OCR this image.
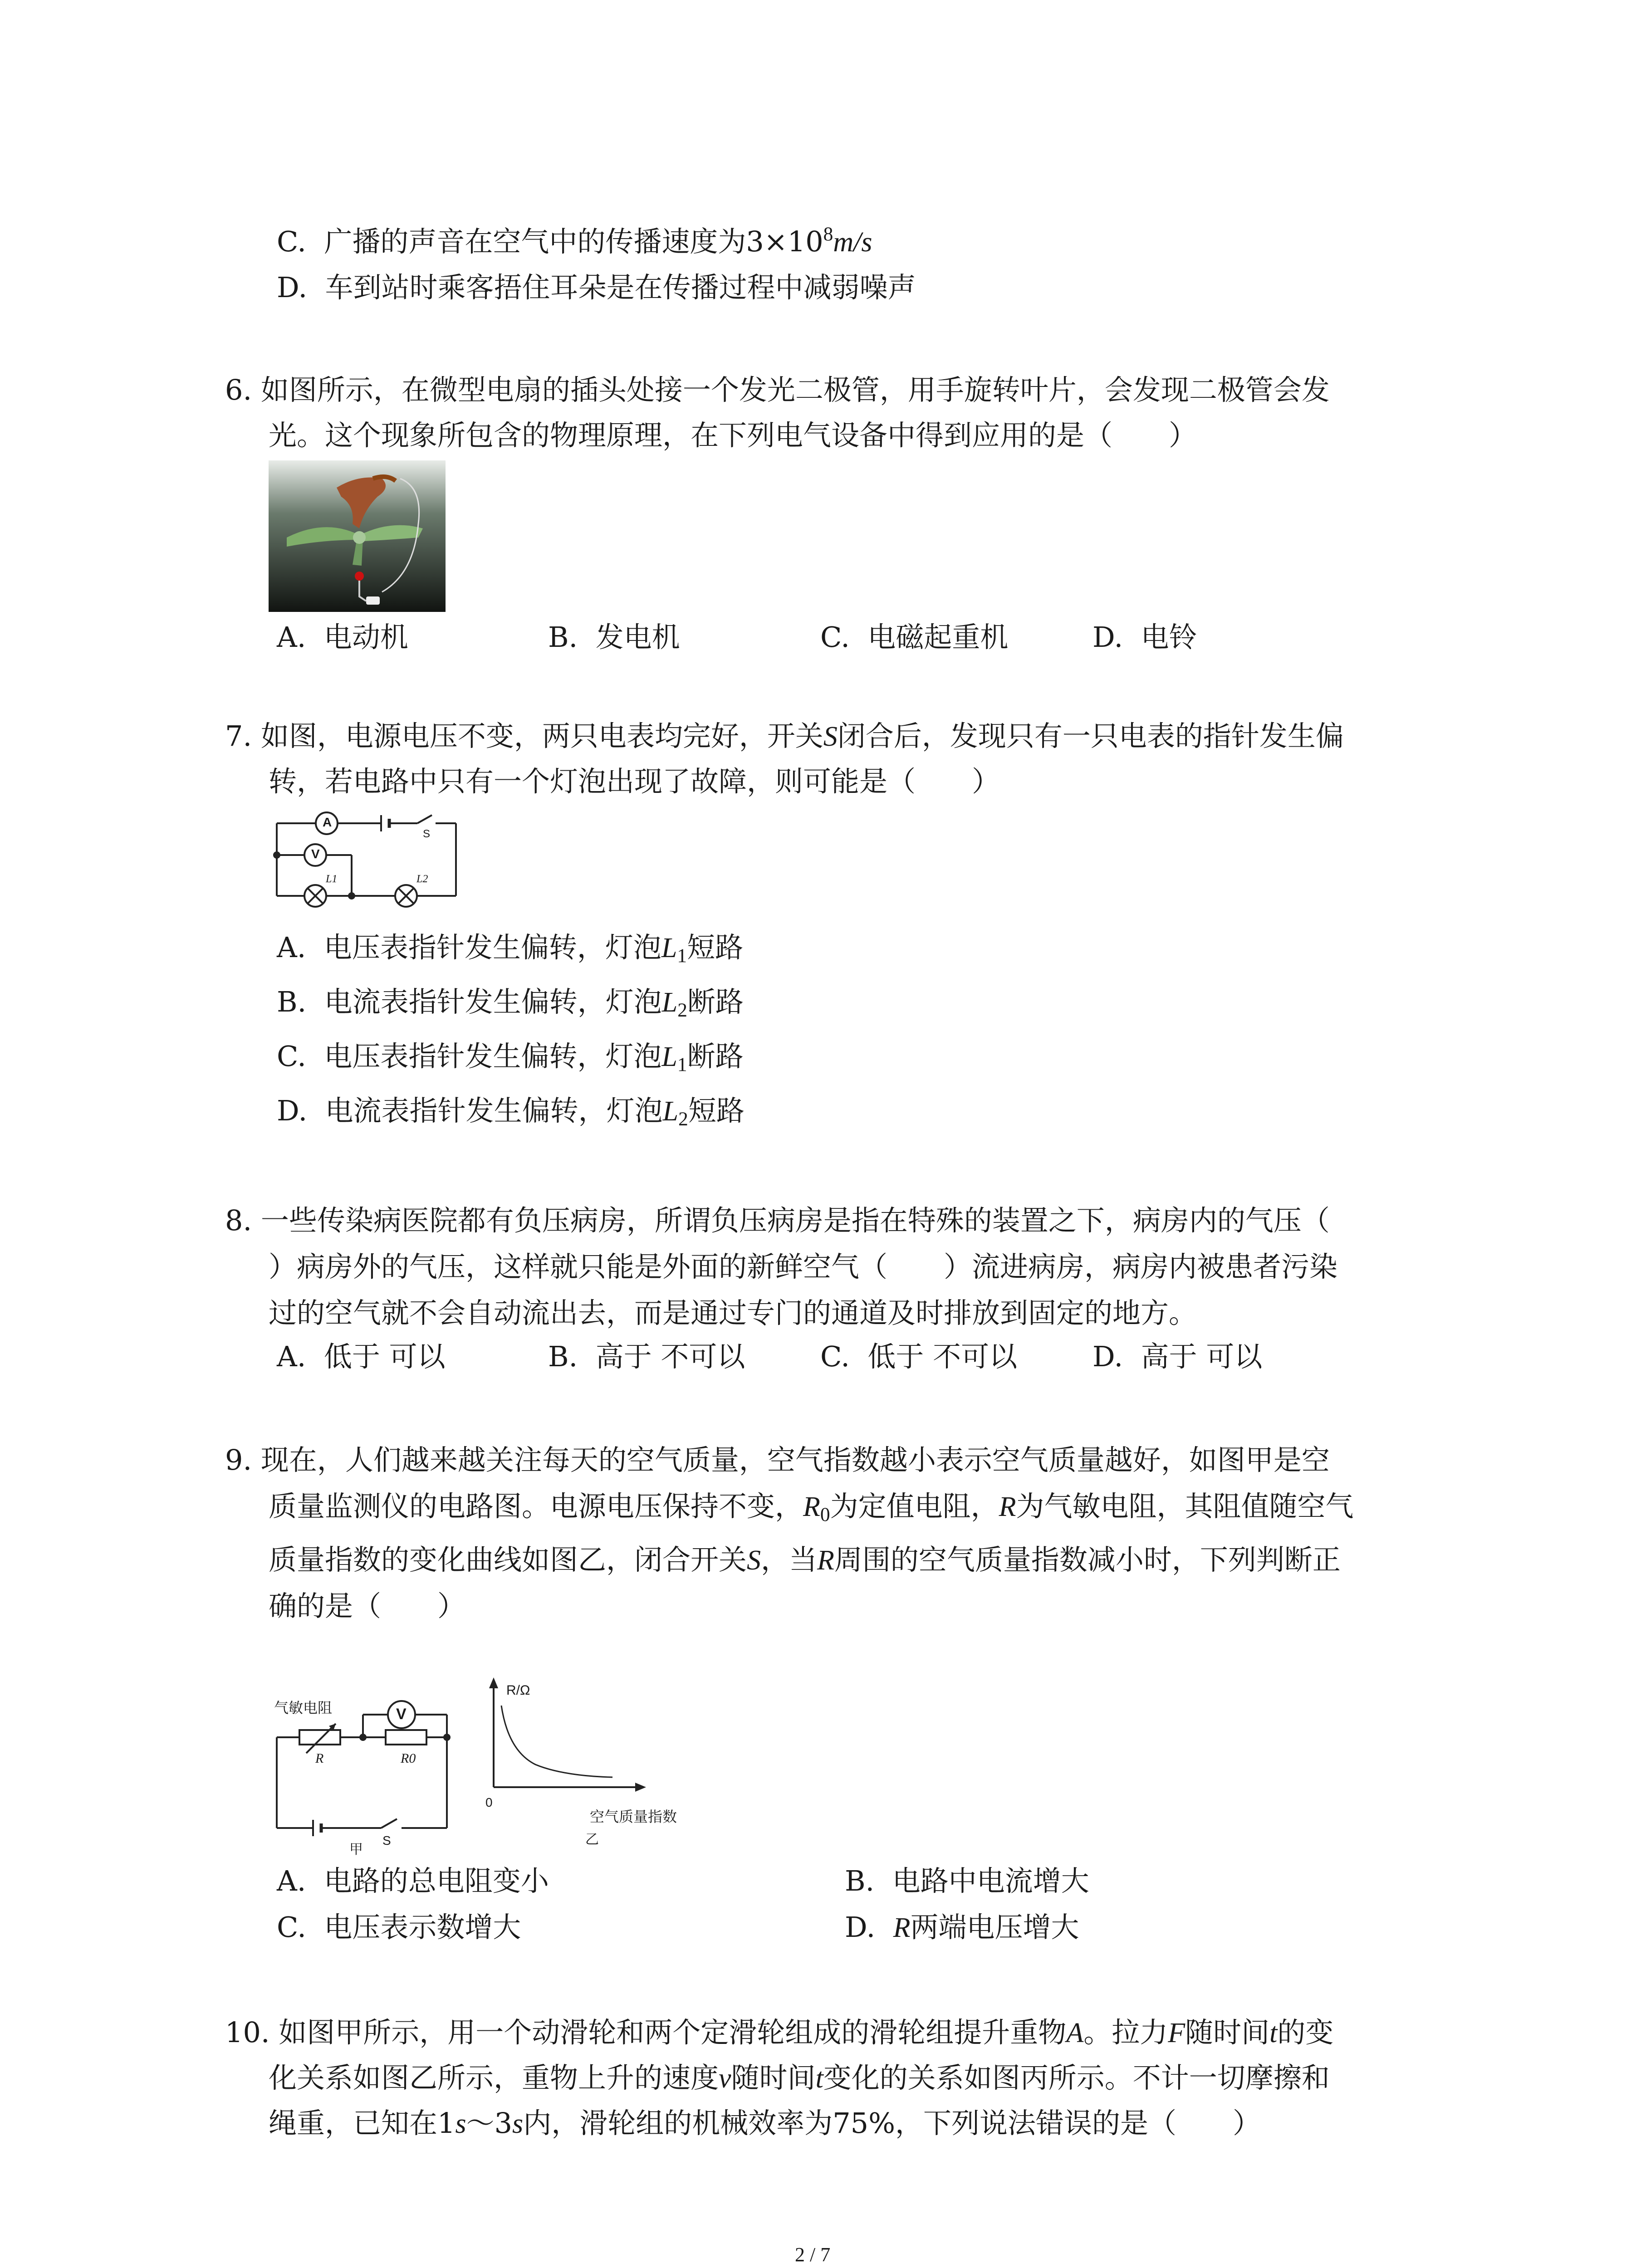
C. 广播的声音在空气中的传播速度为$3\times 10^8m/s$
D. 车到站时乘客捂住耳朵是在传播过程中减弱噪声
6. 如图所示，在微型电扇的插头处接一个发光二极管，用手旋转叶片，会发现二极管会发
光。这个现象所包含的物理原理，在下列电气设备中得到应用的是（　　）
A. 电动机	B. 发电机	C. 电磁起重机	D. 电铃
7. 如图，电源电压不变，两只电表均完好，开关S闭合后，发现只有一只电表的指针发生偏
转，若电路中只有一个灯泡出现了故障，则可能是（　　）
A
V
S
L1	L2
A. 电压表指针发生偏转，灯泡$L_1$短路
B. 电流表指针发生偏转，灯泡$L_2$断路
C. 电压表指针发生偏转，灯泡$L_1$断路
D. 电流表指针发生偏转，灯泡$L_2$短路
8. 一些传染病医院都有负压病房，所谓负压病房是指在特殊的装置之下，病房内的气压（
）病房外的气压，这样就只能是外面的新鲜空气（　　）流进病房，病房内被患者污染
过的空气就不会自动流出去，而是通过专门的通道及时排放到固定的地方。
A. 低于 可以	B. 高于 不可以	C. 低于 不可以	D. 高于 可以
9. 现在，人们越来越关注每天的空气质量，空气指数越小表示空气质量越好，如图甲是空
质量监测仪的电路图。电源电压保持不变，$R_0$为定值电阻，R为气敏电阻，其阻值随空气
质量指数的变化曲线如图乙，闭合开关S，当R周围的空气质量指数减小时，下列判断正
确的是（　　）
气敏电阻	V
R	R0
S
甲
R/Ω
0
空气质量指数
乙
A. 电路的总电阻变小	B. 电路中电流增大
C. 电压表示数增大	D. R两端电压增大
10. 如图甲所示，用一个动滑轮和两个定滑轮组成的滑轮组提升重物A。拉力F随时间t的变
化关系如图乙所示，重物上升的速度v随时间t变化的关系如图丙所示。不计一切摩擦和
绳重，已知在1s～3s内，滑轮组的机械效率为75%，下列说法错误的是（　　）
2 / 7
